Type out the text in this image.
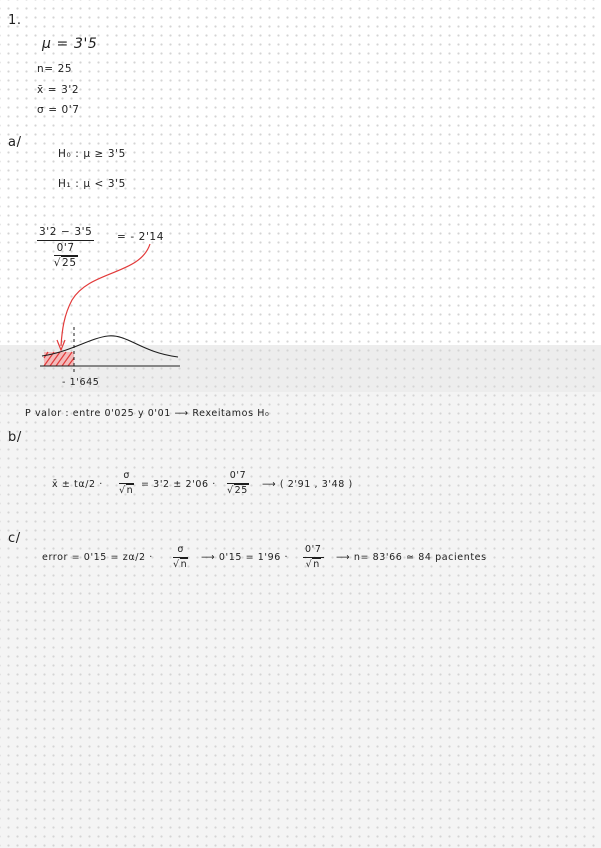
1.
μ = 3'5
n= 25
x̄ = 3'2
σ = 0'7
a/
H₀ : μ ≥ 3'5
H₁ : μ < 3'5
$\frac{3'2 - 3'5}{\frac{0'7}{√25}}$ = - 2'14
- 1'645
P valor : entre 0'025 y 0'01 ⟶ Rexeitamos H₀
b/
x̄ ± $t\alpha/2 \cdot \frac{\sigma}{√n} = 3'2 \pm 2'06 \cdot \frac{0'7}{√25}$ ⟶ ( 2'91 , 3'48 )
c/
error = $0'15 = z\alpha/2 \cdot \frac{\sigma}{√n}$ ⟶ $0'15 = 1'96 \cdot \frac{0'7}{√n}$ ⟶ n= 83'66 ≃ 84 pacientes
